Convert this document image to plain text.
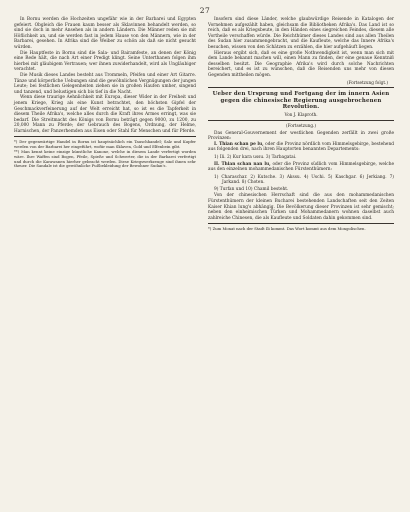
27

In Bornu werden die Hochzeiten ungefähr wie in der Barbarei und Egypten gefeiert. Obgleich die Frauen kaum besser als Sklavinnen behandelt werden, so sind sie doch in mehr Ansehen als in andern Ländern. Die Männer reden sie mit Höflichkeit an, und sie werden fast in jedem Hause von den Männern, wie in der Barbarei, gesehen. In Afrika sind die Weiber zu schön als daß sie nicht gesucht würden.

Die Hauptfeste in Bornu sind die Sala- und Bairamfeste, an denen der König eine Rede hält, die nach Art einer Predigt klingt. Seine Unterthanen folgen ihm hierbei mit gläubigem Vertrauen; wer ihnen zuwiderhandelt, wird als Ungläubiger verachtet.

Die Musik dieses Landes besteht aus Trommeln, Pfeifen und einer Art Gitarre. Tänze und körperliche Uebungen sind die gewöhnlichen Vergnügungen der jungen Leute; bei festlichen Gelegenheiten ziehen sie in großen Haufen umher, singend und tanzend, und belustigen sich bis tief in die Nacht.

Wenn diese traurige Aehnlichkeit mit Europa, dieser Wider in der Freiheit und jenem Kriege, Krieg als eine Kunst betrachtet, den höchsten Gipfel der Geschmackverfeinerung auf der Welt erreicht hat, so ist es die Tapferkeit in diesem Theile Afrika's, welche alles durch die Kraft ihres Armes erringt, was sie bedarf. Die Streitmacht des Königs von Bornu beträgt gegen 9000, zu 1200, zu 20,000 Mann zu Pferde; der Gebrauch des Bogens, Ordnung, der Helme, Harnischen, der Panzerhemden aus Eisen oder Stahl für Menschen und für Pferde.

*) Der gegenwärtige Handel in Bornu ist hauptsächlich ein Tauschhandel; Salz und Kupfer werden von der Barbarei her eingeführt, wofür man Sklaven, Gold und Elfenbein gibt.

**) Man kennt keine einzige künstliche Kanone, welche in diesem Lande verfertigt worden wäre. Ihre Waffen sind Bogen, Pfeile, Spieße und Schwerter, die in der Barbarei verfertigt und durch die Karawanen hierher gebracht werden. Diese Kriegswerkzeuge sind ihnen sehr theuer. Die Sandale ist die gewöhnliche Fußbekleidung der Bewohner Sudan's.

Insofern sind diese Länder, welche glaubwürdige Reisende in Katalogen der Vornehmen aufgezählt haben, gleichsam die Bibliotheken Afrika's. Das Land ist so reich, daß es als Kriegsbeute, in den Händen eines siegreichen Feindes, diesem alle Vortheile verschaffen würde. Die Reichthümer dieses Landes sind aus allen Theilen des Sudan hier zusammengebracht, und die Kaufleute, welche das Innere Afrika's besuchen, wissen von den Schätzen zu erzählen, die hier aufgehäuft liegen.

Hieraus ergibt sich, daß es eine große Nothwendigkeit ist, wenn man sich mit dem Lande bekannt machen will, einen Mann zu finden, der eine genaue Kenntniß desselben besitzt. Die Geographie Afrika's wird durch solche Nachrichten bereichert, und es ist zu wünschen, daß die Reisenden uns mehr von diesen Gegenden mittheilen mögen.

(Fortsetzung folgt.)
Ueber den Ursprung und Fortgang der im innern Asien gegen die chinesische Regierung ausgebrochenen Revolution.
Von J. Klaproth.
(Fortsetzung.)

Das General-Gouvernement der westlichen Gegenden zerfällt in zwei große Provinzen:

I. Thian schan pe lu, oder die Provinz nördlich vom Himmelsgebirge, bestehend aus folgenden drei, nach ihren Hauptorten benannten Departements:

1) Ili. 2) Kur kara ussu. 3) Tarbagatai.

II. Thian schan nan lu, oder die Provinz südlich vom Himmelsgebirge, welche aus den einzelnen mohammedanischen Fürstenthümern:

1) Charaschar. 2) Kutsche. 3) Akssu. 4) Uschi. 5) Kaschgar. 6) Jerkiang. 7) Jarkand. 8) Choten.
9) Turfan und 10) Chamil besteht.

Von der chinesischen Herrschaft sind die aus den mohammedanischen Fürstenthümern der kleinen Bucharei bestehenden Landschaften seit den Zeiten Kaiser Khian lung's abhängig. Die Bevölkerung dieser Provinzen ist sehr gemischt; neben den einheimischen Türken und Mohammedanern wohnen daselbst auch zahlreiche Chinesen, die als Kaufleute und Soldaten dahin gekommen sind.

*) Zum Monat nach der Stadt Ili kommt. Das Wort kommt aus dem Mongolischen.
